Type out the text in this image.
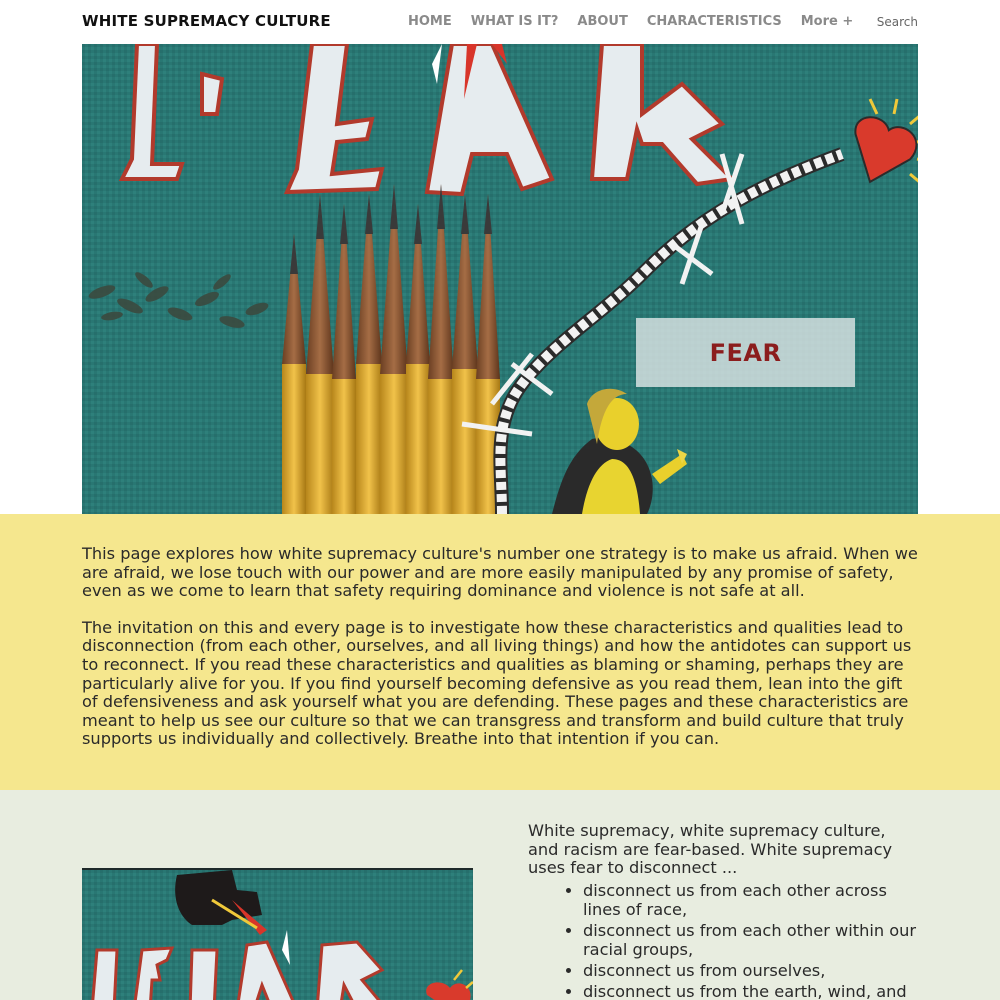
WHITE SUPREMACY CULTURE	HOME WHAT IS IT? ABOUT CHARACTERISTICS More + Search
FEAR

This page explores how white supremacy culture's number one strategy is to make us afraid. When we are afraid, we lose touch with our power and are more easily manipulated by any promise of safety, even as we come to learn that safety requiring dominance and violence is not safe at all.

The invitation on this and every page is to investigate how these characteristics and qualities lead to disconnection (from each other, ourselves, and all living things) and how the antidotes can support us to reconnect. If you read these characteristics and qualities as blaming or shaming, perhaps they are particularly alive for you. If you find yourself becoming defensive as you read them, lean into the gift of defensiveness and ask yourself what you are defending. These pages and these characteristics are meant to help us see our culture so that we can transgress and transform and build culture that truly supports us individually and collectively. Breathe into that intention if you can.

White supremacy, white supremacy culture, and racism are fear-based. White supremacy uses fear to disconnect ...

• disconnect us from each other across lines of race,
• disconnect us from each other within our racial groups,
• disconnect us from ourselves,
• disconnect us from the earth, wind, and
